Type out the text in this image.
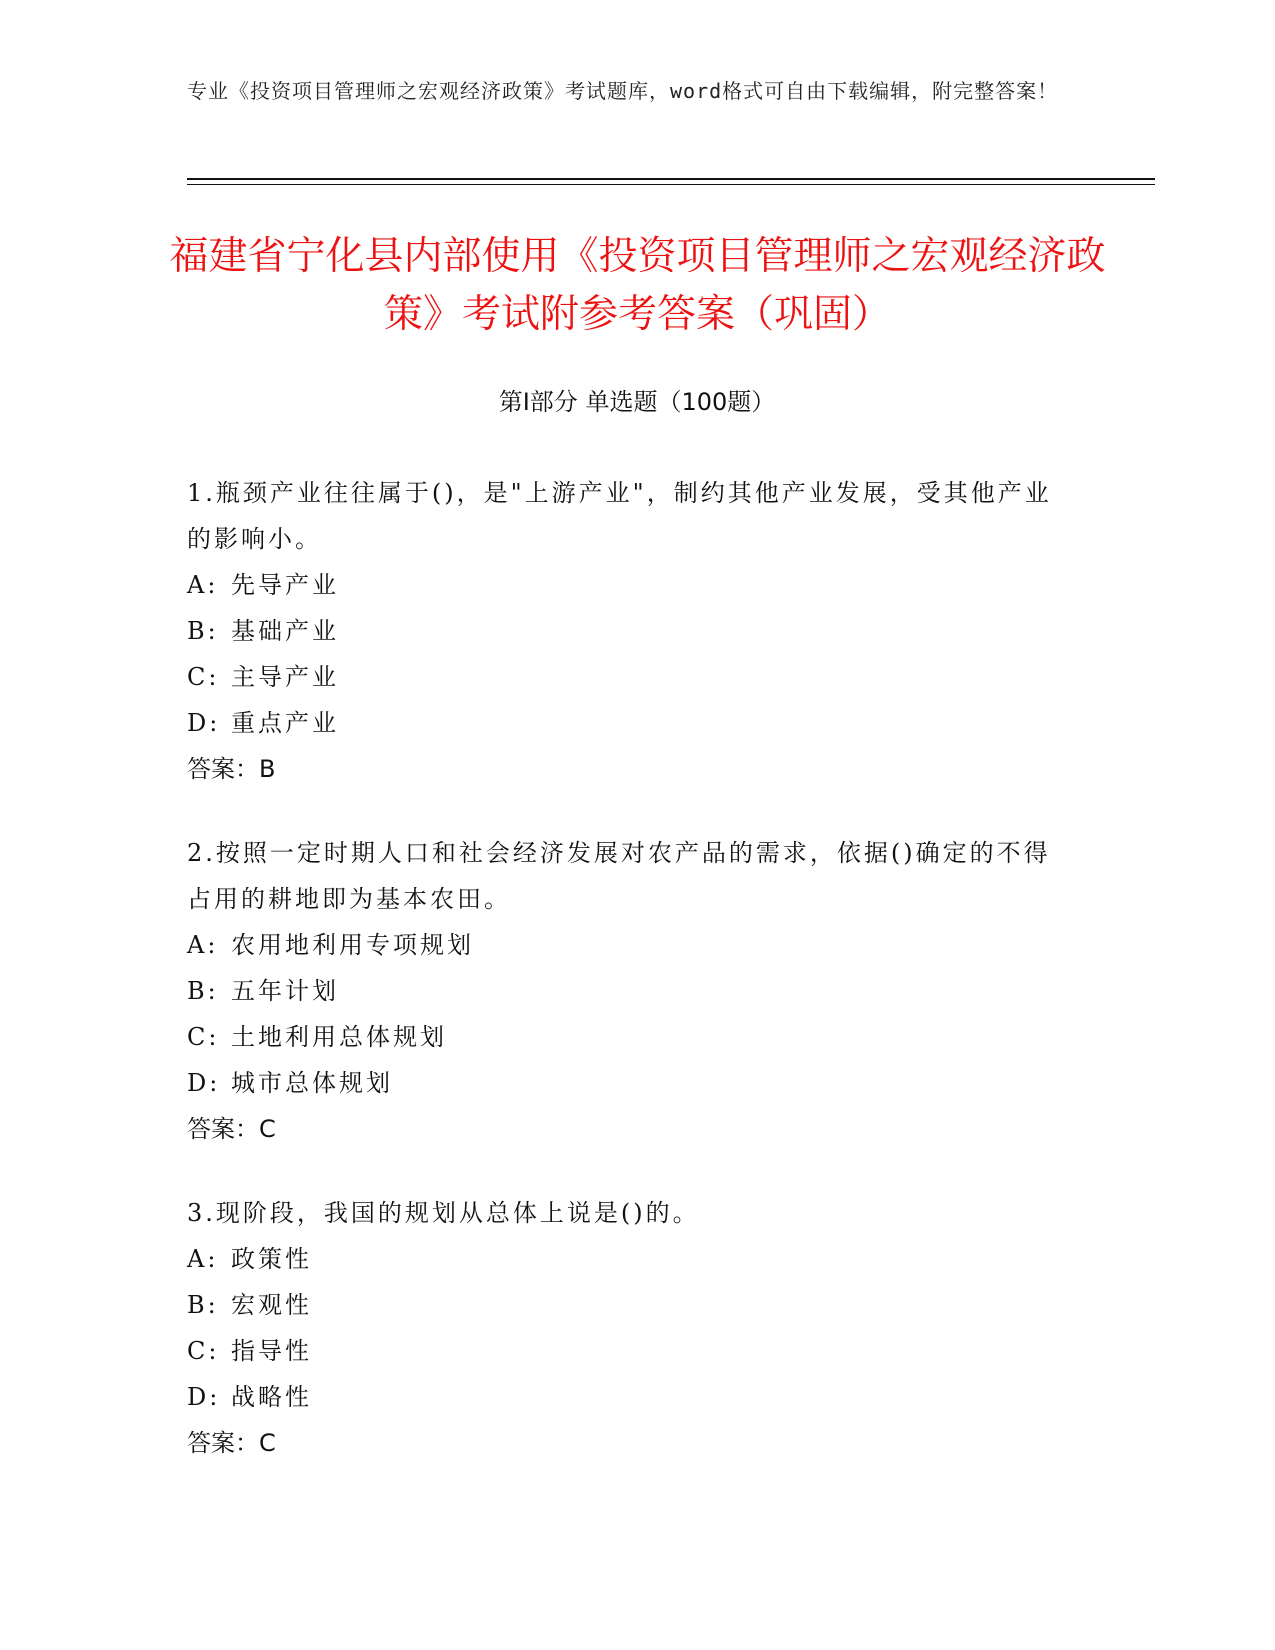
专业《投资项目管理师之宏观经济政策》考试题库，word格式可自由下载编辑，附完整答案！
福建省宁化县内部使用《投资项目管理师之宏观经济政策》考试附参考答案（巩固）
第Ⅰ部分 单选题（100题）

1.瓶颈产业往往属于()，是"上游产业"，制约其他产业发展，受其他产业的影响小。

A: 先导产业
B: 基础产业
C: 主导产业
D: 重点产业
答案：B

2.按照一定时期人口和社会经济发展对农产品的需求，依据()确定的不得占用的耕地即为基本农田。

A: 农用地利用专项规划
B: 五年计划
C: 土地利用总体规划
D: 城市总体规划
答案：C

3.现阶段，我国的规划从总体上说是()的。

A: 政策性
B: 宏观性
C: 指导性
D: 战略性
答案：C
